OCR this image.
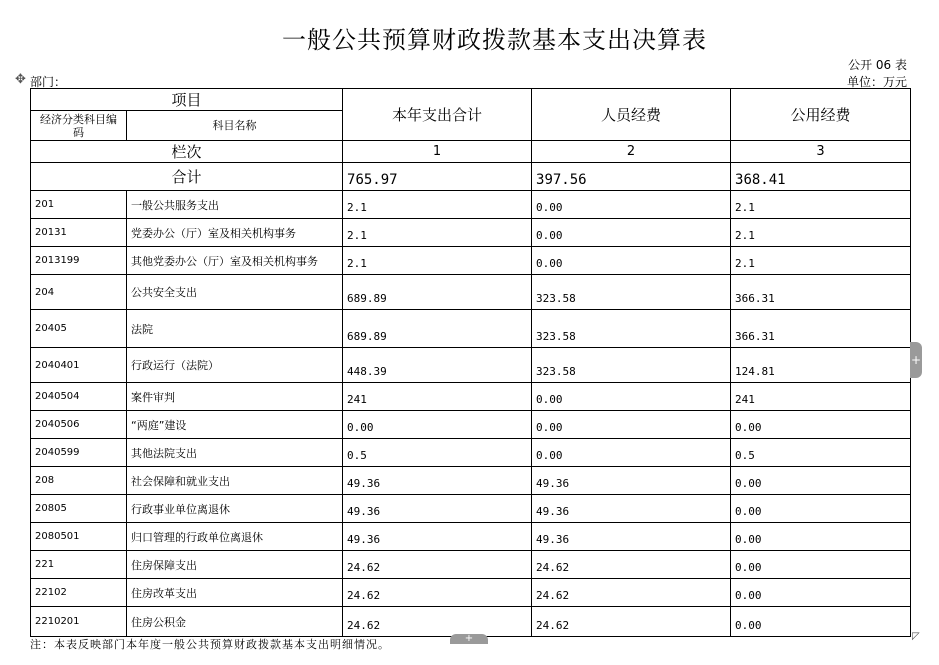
一般公共预算财政拨款基本支出决算表
公开 06 表
单位：万元
✥ 部门：
项目		本年支出合计	人员经费	公用经费
经济分类科目编码	科目名称			
栏次		1	2	3
合计		765.97	397.56	368.41
201	一般公共服务支出	2.1	0.00	2.1
20131	党委办公（厅）室及相关机构事务	2.1	0.00	2.1
2013199	其他党委办公（厅）室及相关机构事务	2.1	0.00	2.1
204	公共安全支出	689.89	323.58	366.31
20405	法院	689.89	323.58	366.31
2040401	行政运行（法院）	448.39	323.58	124.81
2040504	案件审判	241	0.00	241
2040506	“两庭”建设	0.00	0.00	0.00
2040599	其他法院支出	0.5	0.00	0.5
208	社会保障和就业支出	49.36	49.36	0.00
20805	行政事业单位离退休	49.36	49.36	0.00
2080501	归口管理的行政单位离退休	49.36	49.36	0.00
221	住房保障支出	24.62	24.62	0.00
22102	住房改革支出	24.62	24.62	0.00
2210201	住房公积金	24.62	24.62	0.00
注：本表反映部门本年度一般公共预算财政拨款基本支出明细情况。	+
+
◸
